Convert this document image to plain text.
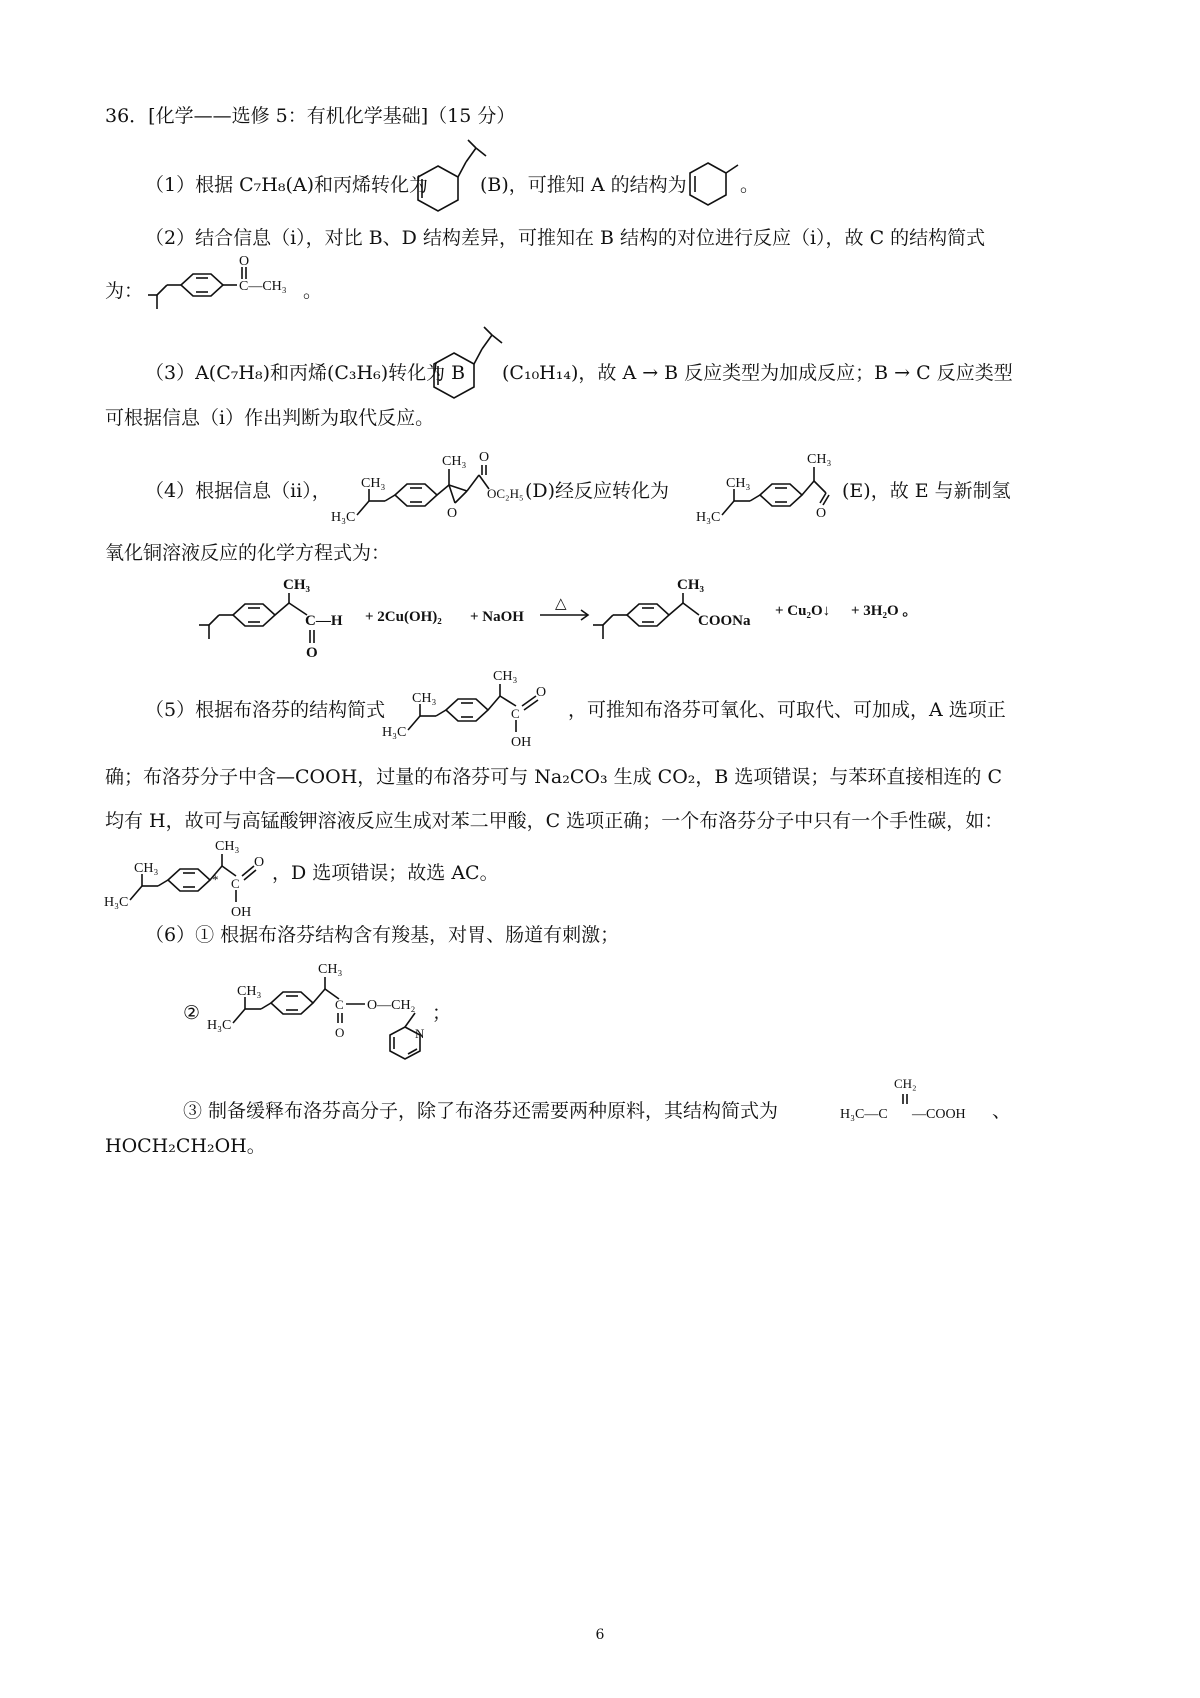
36．[化学——选修 5：有机化学基础]（15 分）
（1）根据 C₇H₈(A)和丙烯转化为	(B)，可推知 A 的结构为	。
（2）结合信息（ⅰ），对比 B、D 结构差异，可推知在 B 结构的对位进行反应（ⅰ），故 C 的结构简式
为：
O
C—CH₃ 。
（3）A(C₇H₈)和丙烯(C₃H₆)转化为 B (C₁₀H₁₄)，故 A → B 反应类型为加成反应；B → C 反应类型
可根据信息（ⅰ）作出判断为取代反应。
（4）根据信息（ⅱ），
H₃C
CH₃
CH₃
O
O
OC₂H₅ (D)经反应转化为
H₃C
CH₃
CH₃
O
(E)，故 E 与新制氢
氧化铜溶液反应的化学方程式为：
CH₃
C—H
O
+ 2Cu(OH)₂ + NaOH
△
CH₃
COONa
+ Cu₂O↓ + 3H₂O 。
（5）根据布洛芬的结构简式
H₃C
CH₃
CH₃
C
O
OH
，可推知布洛芬可氧化、可取代、可加成，A 选项正
确；布洛芬分子中含—COOH，过量的布洛芬可与 Na₂CO₃ 生成 CO₂，B 选项错误；与苯环直接相连的 C
均有 H，故可与高锰酸钾溶液反应生成对苯二甲酸，C 选项正确；一个布洛芬分子中只有一个手性碳，如：
H₃C
CH₃
*
CH₃
C
O
OH
，D 选项错误；故选 AC。
（6）① 根据布洛芬结构含有羧基，对胃、肠道有刺激；
②
H₃C
CH₃
CH₃
C
O
O—CH₂
N
；
③ 制备缓释布洛芬高分子，除了布洛芬还需要两种原料，其结构简式为
CH₂
H₃C—C —COOH 、
HOCH₂CH₂OH。
6
